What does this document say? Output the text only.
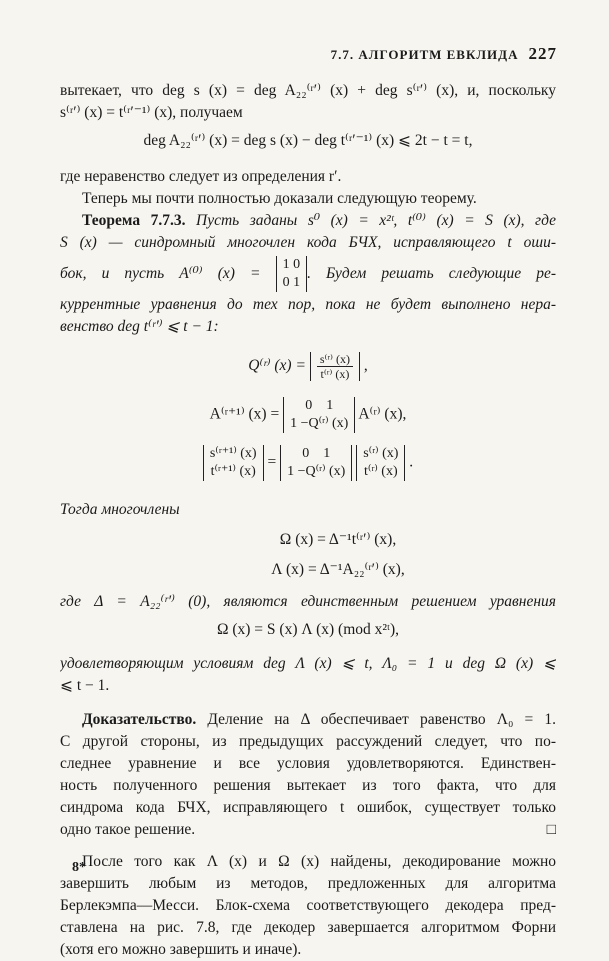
7.7. АЛГОРИТМ ЕВКЛИДА 227
вытекает, что deg s (x) = deg A₂₂⁽ʳ′⁾ (x) + deg s⁽ʳ′⁾ (x), и, поскольку
s⁽ʳ′⁾ (x) = t⁽ʳ′⁻¹⁾ (x), получаем
deg A₂₂⁽ʳ′⁾ (x) = deg s (x) − deg t⁽ʳ′⁻¹⁾ (x) ⩽ 2t − t = t,
где неравенство следует из определения r′.
Теперь мы почти полностью доказали следующую теорему.
Теорема 7.7.3. Пусть заданы s⁰ (x) = x²ᵗ, t⁽⁰⁾ (x) = S (x), где
S (x) — синдромный многочлен кода БЧХ, исправляющего t оши-
бок, и пусть A⁽⁰⁾ (x) = 1 0
0 1. Будем решать следующие ре-
куррентные уравнения до тех пор, пока не будет выполнено нера-
венство deg t⁽ʳ′⁾ ⩽ t − 1:
Q⁽ʳ⁾ $(x) = \frac{\text{s⁽ʳ⁾ (x)}}{\text{t⁽ʳ⁾ (x)}}$ ,
A⁽ʳ⁺¹⁾ (x) = 0 1
1 −Q⁽ʳ⁾ (x) A⁽ʳ⁾ (x),
s⁽ʳ⁺¹⁾ (x)
t⁽ʳ⁺¹⁾ (x) = 0 1
1 −Q⁽ʳ⁾ (x) s⁽ʳ⁾ (x)
t⁽ʳ⁾ (x) .
Тогда многочлены
Ω (x) = Δ⁻¹t⁽ʳ′⁾ (x),
Λ (x) = Δ⁻¹A₂₂⁽ʳ′⁾ (x),
где Δ = A₂₂⁽ʳ′⁾ (0), являются единственным решением уравнения
Ω (x) = S (x) Λ (x) (mod x²ᵗ),
удовлетворяющим условиям deg Λ (x) ⩽ t, Λ₀ = 1 и deg Ω (x) ⩽
⩽ t − 1.
Доказательство. Деление на Δ обеспечивает равенство Λ₀ = 1.
С другой стороны, из предыдущих рассуждений следует, что по-
следнее уравнение и все условия удовлетворяются. Единствен-
ность полученного решения вытекает из того факта, что для
синдрома кода БЧХ, исправляющего t ошибок, существует только
одно такое решение.	□
После того как Λ (x) и Ω (x) найдены, декодирование можно
завершить любым из методов, предложенных для алгоритма
Берлекэмпа—Месси. Блок-схема соответствующего декодера пред-
ставлена на рис. 7.8, где декодер завершается алгоритмом Форни
(хотя его можно завершить и иначе).
8*
